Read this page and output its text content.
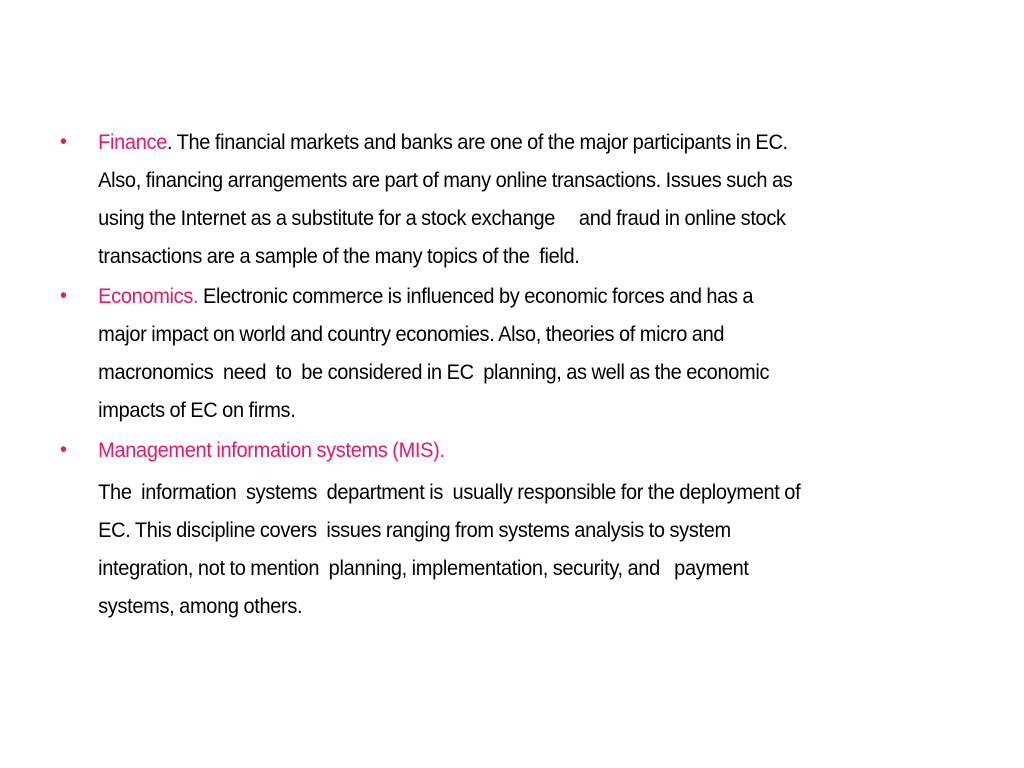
•	Finance. The financial markets and banks are one of the major participants in EC.
Also, financing arrangements are part of many online transactions. Issues such as
using the Internet as a substitute for a stock exchange     and fraud in online stock
transactions are a sample of the many topics of the  field.
•	Economics. Electronic commerce is influenced by economic forces and has a
major impact on world and country economies. Also, theories of micro and
macronomics  need  to  be considered in EC  planning, as well as the economic
impacts of EC on firms.
•	Management information systems (MIS).
The  information  systems  department is  usually responsible for the deployment of
EC. This discipline covers  issues ranging from systems analysis to system
integration, not to mention  planning, implementation, security, and   payment
systems, among others.
